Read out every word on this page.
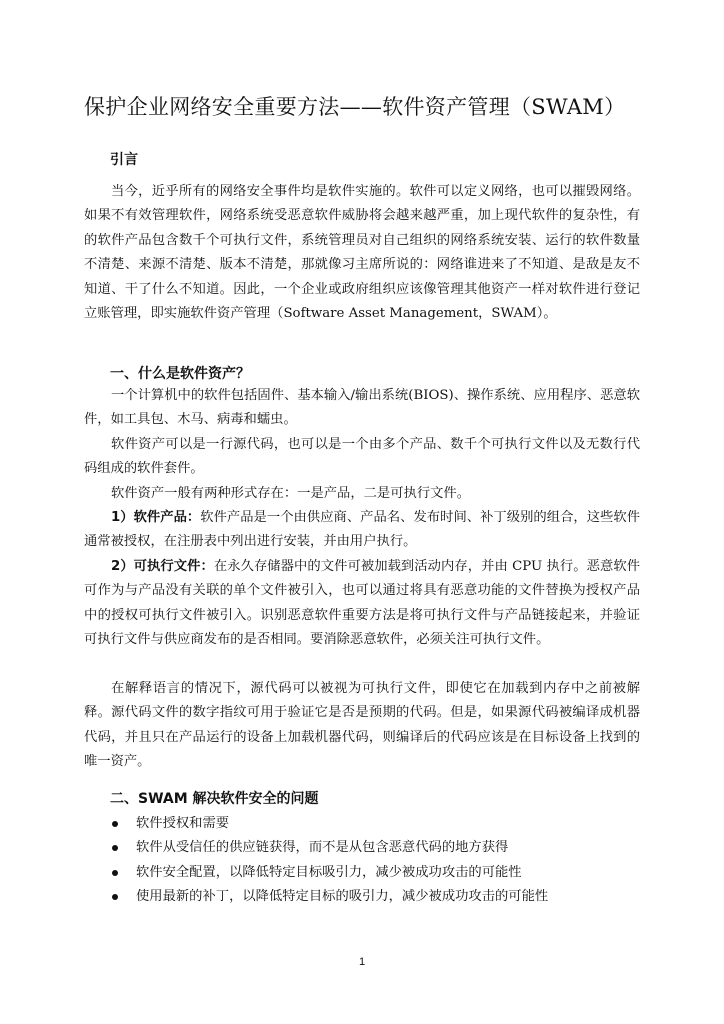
保护企业网络安全重要方法——软件资产管理（SWAM）
引言
当今，近乎所有的网络安全事件均是软件实施的。软件可以定义网络，也可以摧毁网络。如果不有效管理软件，网络系统受恶意软件威胁将会越来越严重，加上现代软件的复杂性，有的软件产品包含数千个可执行文件，系统管理员对自己组织的网络系统安装、运行的软件数量不清楚、来源不清楚、版本不清楚，那就像习主席所说的：网络谁进来了不知道、是敌是友不知道、干了什么不知道。因此，一个企业或政府组织应该像管理其他资产一样对软件进行登记立账管理，即实施软件资产管理（Software Asset Management，SWAM）。
一、什么是软件资产？
一个计算机中的软件包括固件、基本输入/输出系统(BIOS)、操作系统、应用程序、恶意软件，如工具包、木马、病毒和蠕虫。
软件资产可以是一行源代码，也可以是一个由多个产品、数千个可执行文件以及无数行代码组成的软件套件。
软件资产一般有两种形式存在：一是产品，二是可执行文件。
1）软件产品：软件产品是一个由供应商、产品名、发布时间、补丁级别的组合，这些软件通常被授权，在注册表中列出进行安装，并由用户执行。
2）可执行文件：在永久存储器中的文件可被加载到活动内存，并由 CPU 执行。恶意软件可作为与产品没有关联的单个文件被引入，也可以通过将具有恶意功能的文件替换为授权产品中的授权可执行文件被引入。识别恶意软件重要方法是将可执行文件与产品链接起来，并验证可执行文件与供应商发布的是否相同。要消除恶意软件，必须关注可执行文件。
在解释语言的情况下，源代码可以被视为可执行文件，即使它在加载到内存中之前被解释。源代码文件的数字指纹可用于验证它是否是预期的代码。但是，如果源代码被编译成机器代码，并且只在产品运行的设备上加载机器代码，则编译后的代码应该是在目标设备上找到的唯一资产。
二、SWAM 解决软件安全的问题
软件授权和需要
软件从受信任的供应链获得，而不是从包含恶意代码的地方获得
软件安全配置，以降低特定目标吸引力，减少被成功攻击的可能性
使用最新的补丁，以降低特定目标的吸引力，减少被成功攻击的可能性
1
